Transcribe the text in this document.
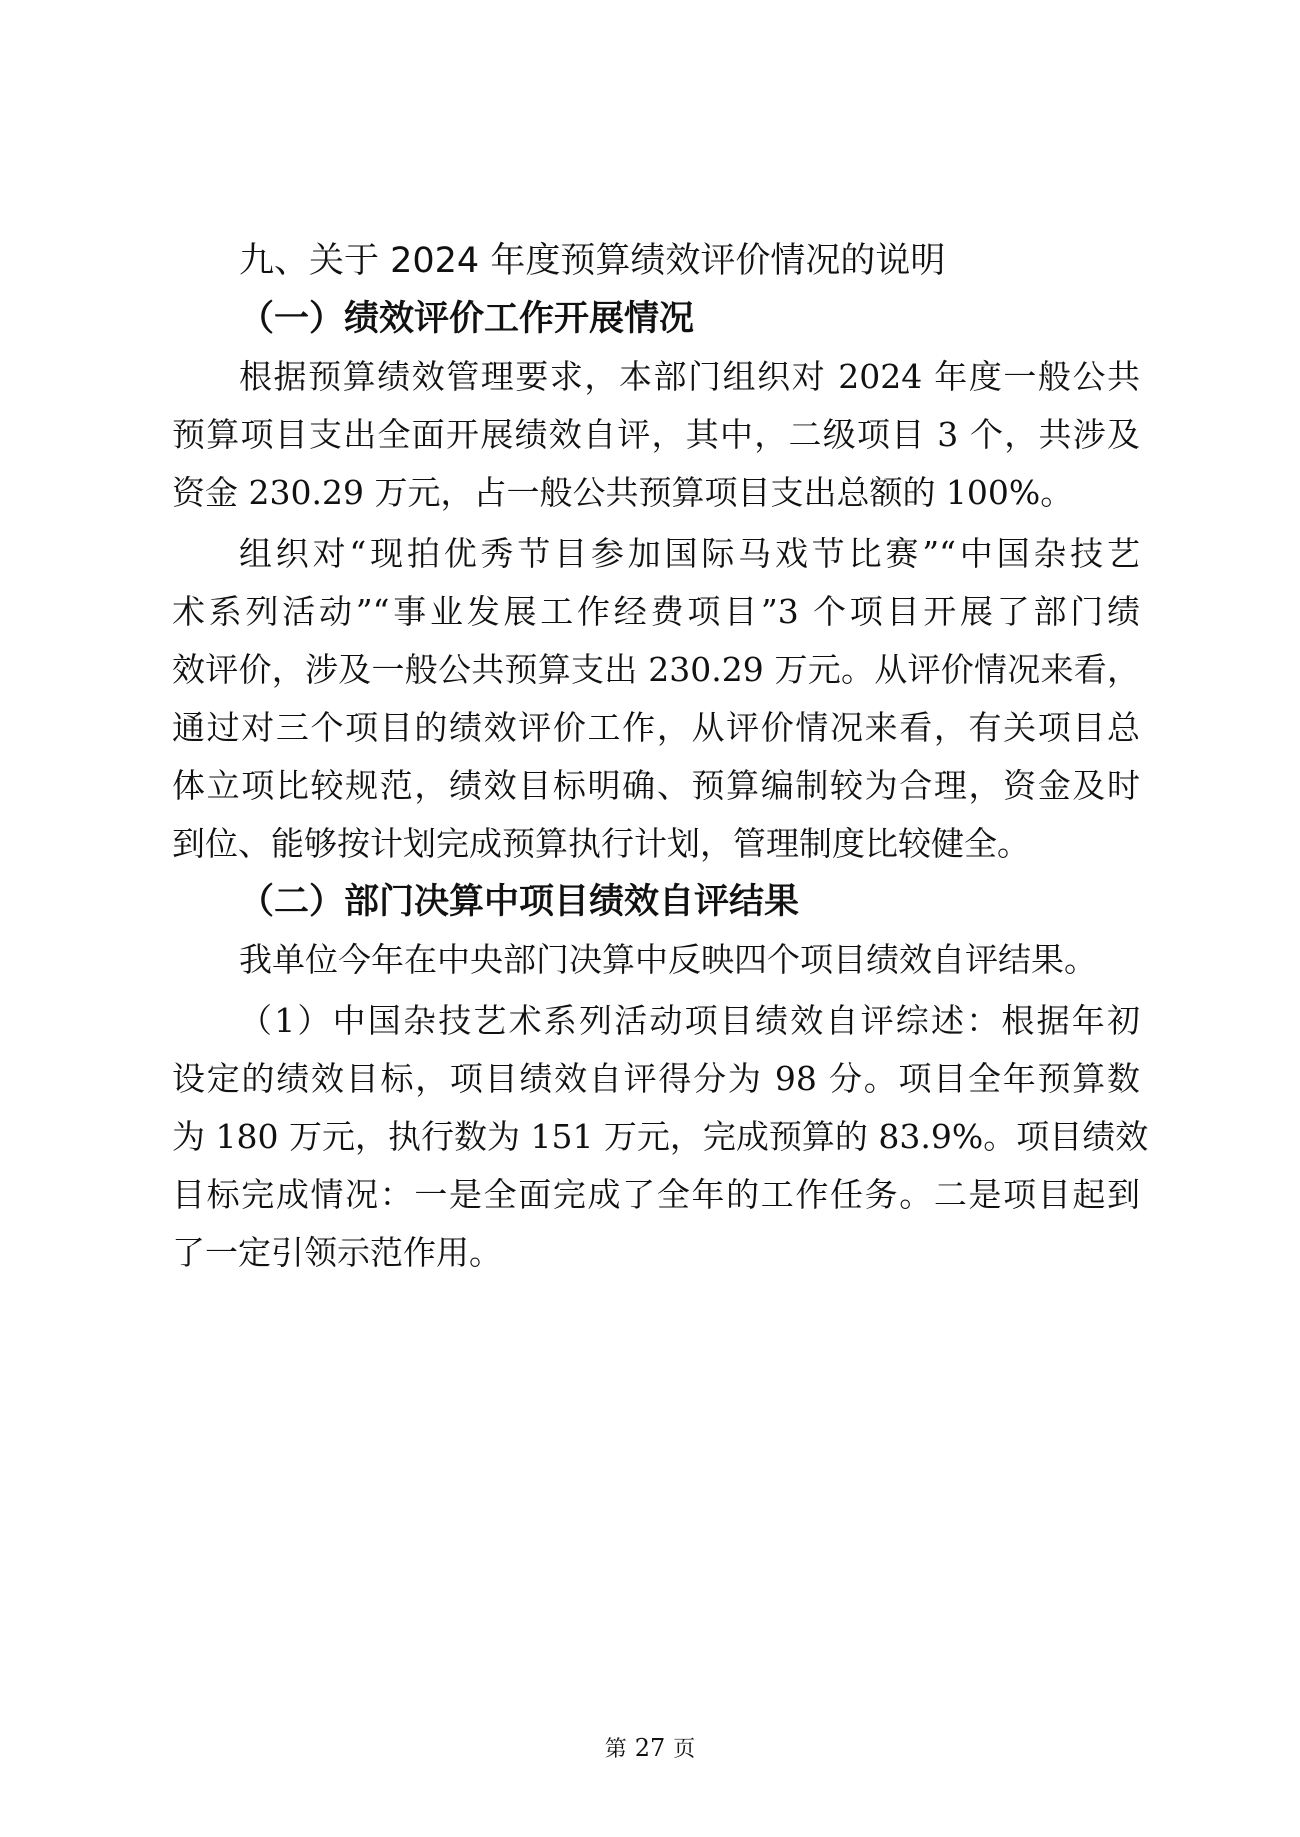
九、关于 2024 年度预算绩效评价情况的说明
（一）绩效评价工作开展情况

根据预算绩效管理要求，本部门组织对 2024 年度一般公共
预算项目支出全面开展绩效自评，其中，二级项目 3 个，共涉及
资金 230.29 万元，占一般公共预算项目支出总额的 100%。

组织对“现拍优秀节目参加国际马戏节比赛”“中国杂技艺
术系列活动”“事业发展工作经费项目”3 个项目开展了部门绩
效评价，涉及一般公共预算支出 230.29 万元。从评价情况来看，
通过对三个项目的绩效评价工作，从评价情况来看，有关项目总
体立项比较规范，绩效目标明确、预算编制较为合理，资金及时
到位、能够按计划完成预算执行计划，管理制度比较健全。

（二）部门决算中项目绩效自评结果

我单位今年在中央部门决算中反映四个项目绩效自评结果。

（1）中国杂技艺术系列活动项目绩效自评综述：根据年初
设定的绩效目标，项目绩效自评得分为 98 分。项目全年预算数
为 180 万元，执行数为 151 万元，完成预算的 83.9%。项目绩效
目标完成情况：一是全面完成了全年的工作任务。二是项目起到
了一定引领示范作用。

第 27 页
